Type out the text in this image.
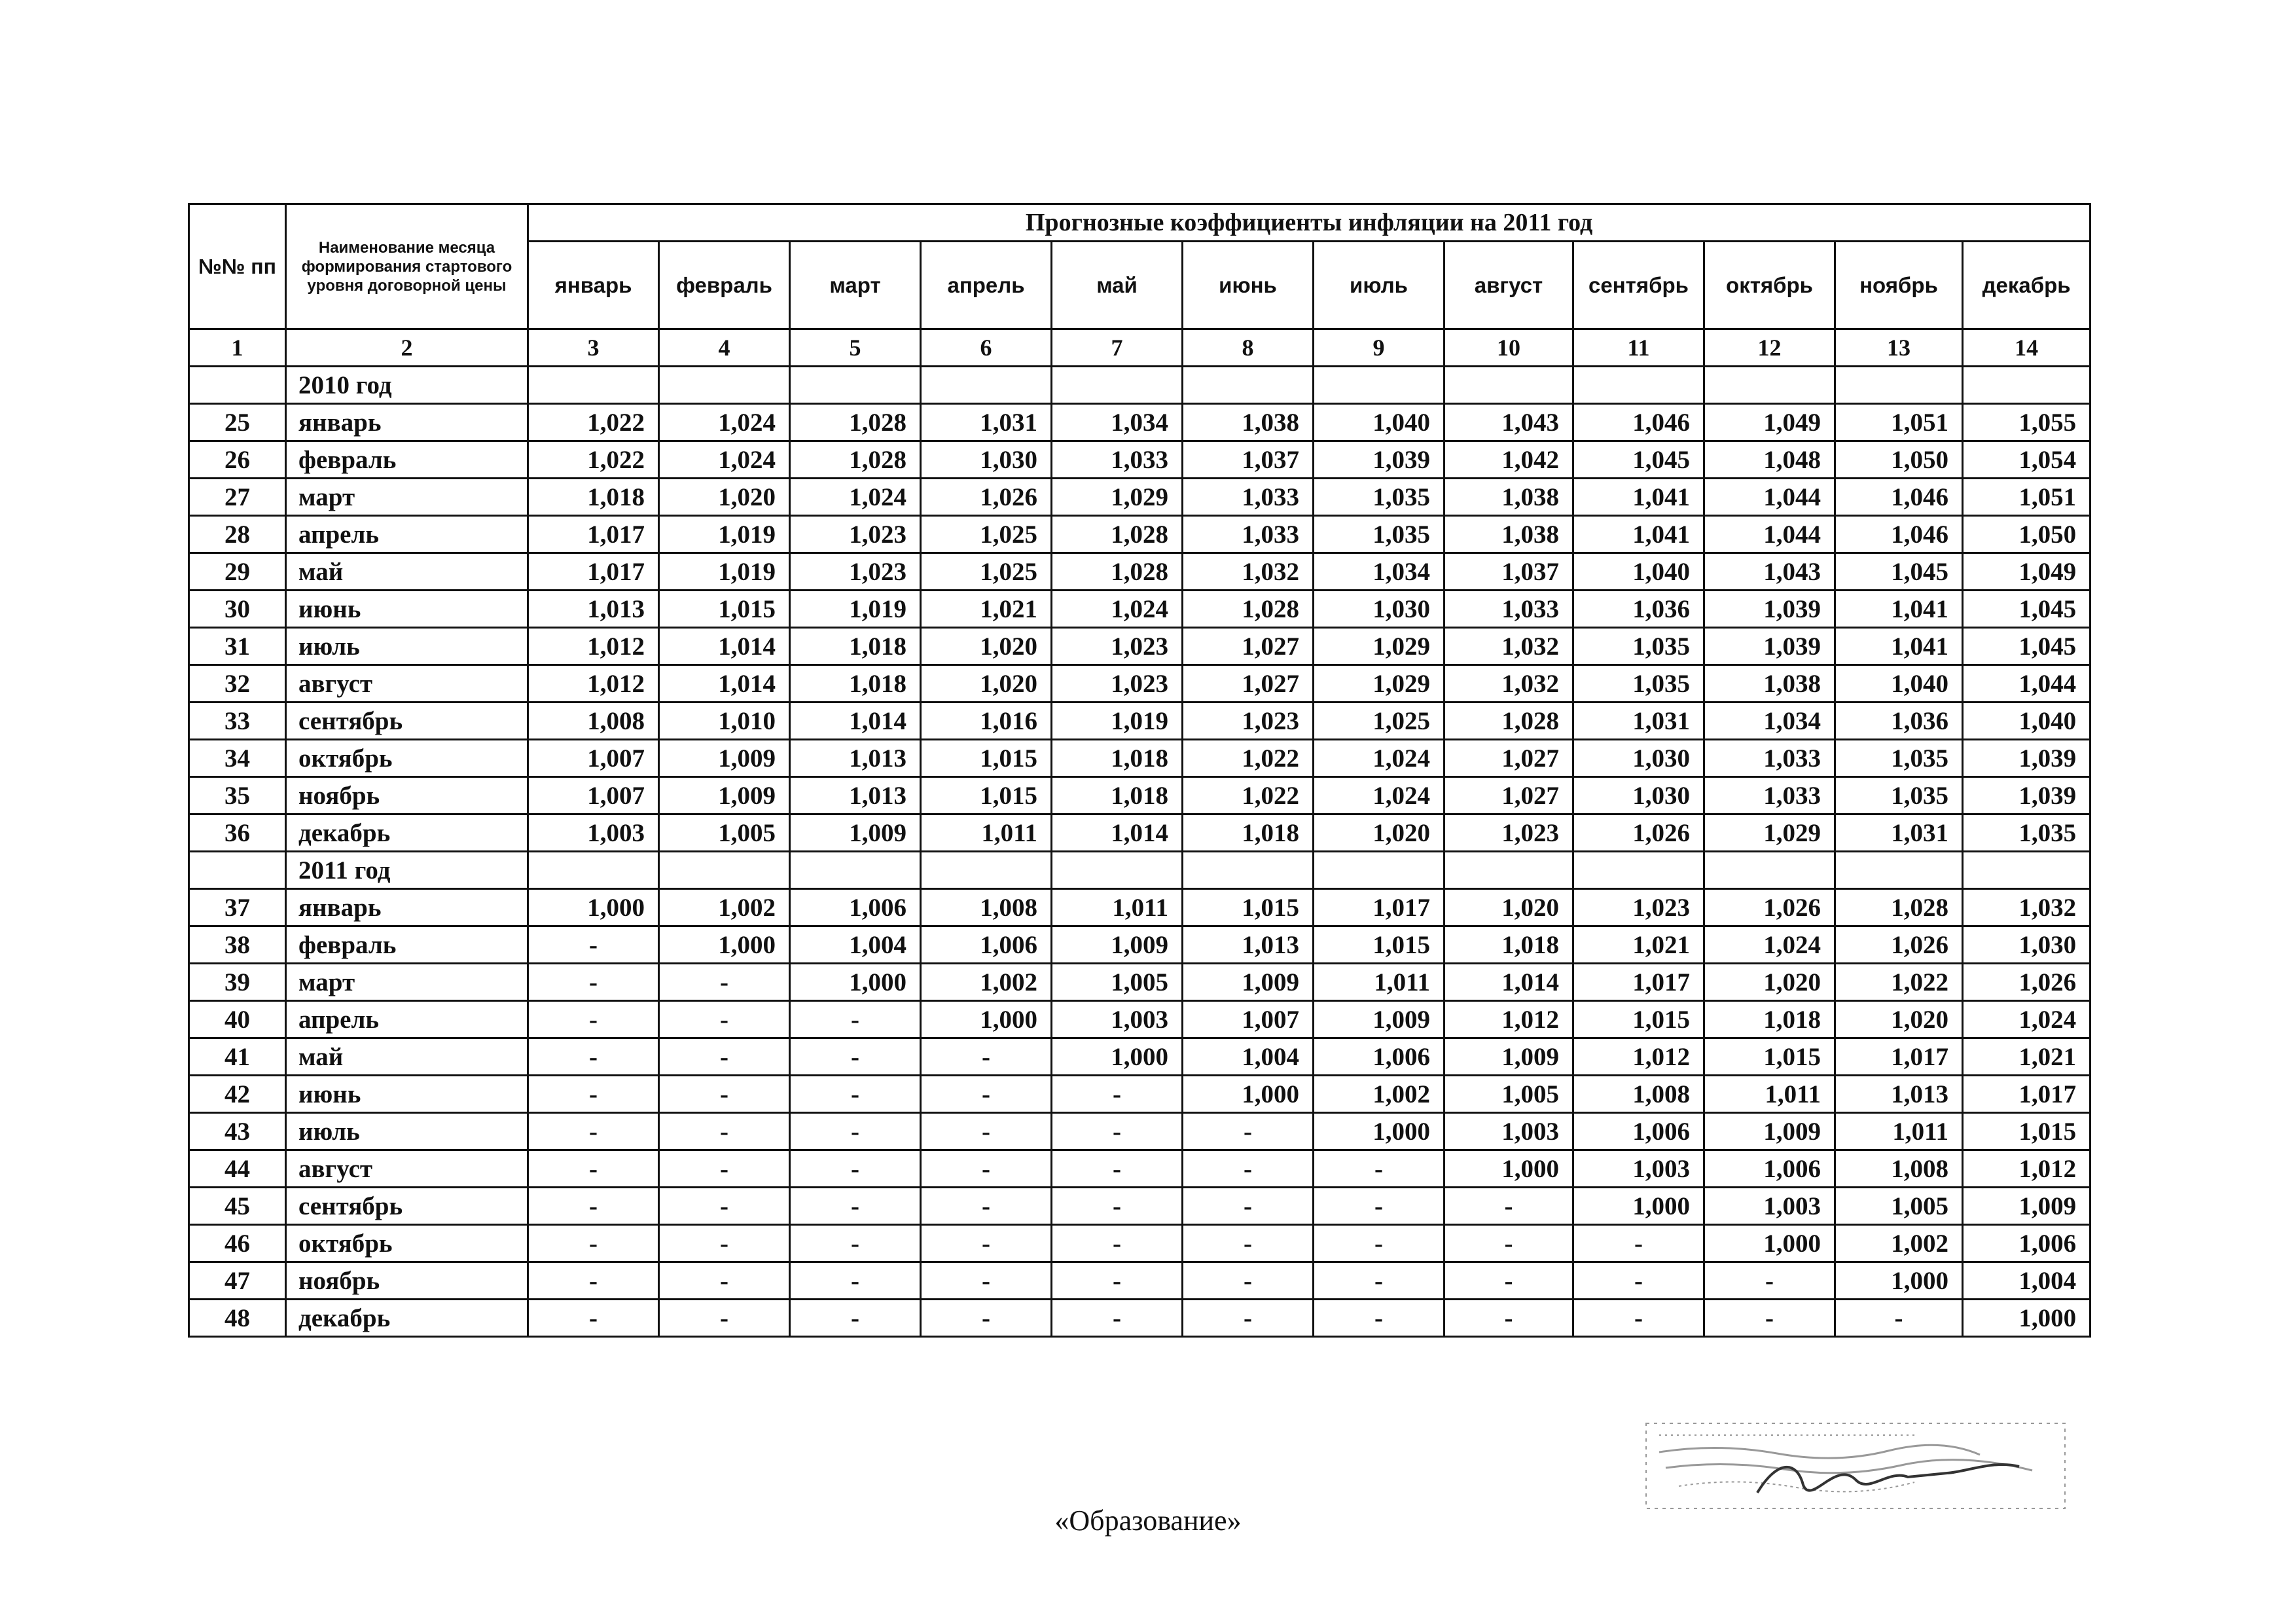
№№ пп	Наименование месяца формирования стартового уровня договорной цены	Прогнозные коэффициенты инфляции на 2011 год											
		январь	февраль	март	апрель	май	июнь	июль	август	сентябрь	октябрь	ноябрь	декабрь
1	2	3	4	5	6	7	8	9	10	11	12	13	14
	2010 год												
25	январь	1,022	1,024	1,028	1,031	1,034	1,038	1,040	1,043	1,046	1,049	1,051	1,055
26	февраль	1,022	1,024	1,028	1,030	1,033	1,037	1,039	1,042	1,045	1,048	1,050	1,054
27	март	1,018	1,020	1,024	1,026	1,029	1,033	1,035	1,038	1,041	1,044	1,046	1,051
28	апрель	1,017	1,019	1,023	1,025	1,028	1,033	1,035	1,038	1,041	1,044	1,046	1,050
29	май	1,017	1,019	1,023	1,025	1,028	1,032	1,034	1,037	1,040	1,043	1,045	1,049
30	июнь	1,013	1,015	1,019	1,021	1,024	1,028	1,030	1,033	1,036	1,039	1,041	1,045
31	июль	1,012	1,014	1,018	1,020	1,023	1,027	1,029	1,032	1,035	1,039	1,041	1,045
32	август	1,012	1,014	1,018	1,020	1,023	1,027	1,029	1,032	1,035	1,038	1,040	1,044
33	сентябрь	1,008	1,010	1,014	1,016	1,019	1,023	1,025	1,028	1,031	1,034	1,036	1,040
34	октябрь	1,007	1,009	1,013	1,015	1,018	1,022	1,024	1,027	1,030	1,033	1,035	1,039
35	ноябрь	1,007	1,009	1,013	1,015	1,018	1,022	1,024	1,027	1,030	1,033	1,035	1,039
36	декабрь	1,003	1,005	1,009	1,011	1,014	1,018	1,020	1,023	1,026	1,029	1,031	1,035
	2011 год												
37	январь	1,000	1,002	1,006	1,008	1,011	1,015	1,017	1,020	1,023	1,026	1,028	1,032
38	февраль	-	1,000	1,004	1,006	1,009	1,013	1,015	1,018	1,021	1,024	1,026	1,030
39	март	-	-	1,000	1,002	1,005	1,009	1,011	1,014	1,017	1,020	1,022	1,026
40	апрель	-	-	-	1,000	1,003	1,007	1,009	1,012	1,015	1,018	1,020	1,024
41	май	-	-	-	-	1,000	1,004	1,006	1,009	1,012	1,015	1,017	1,021
42	июнь	-	-	-	-	-	1,000	1,002	1,005	1,008	1,011	1,013	1,017
43	июль	-	-	-	-	-	-	1,000	1,003	1,006	1,009	1,011	1,015
44	август	-	-	-	-	-	-	-	1,000	1,003	1,006	1,008	1,012
45	сентябрь	-	-	-	-	-	-	-	-	1,000	1,003	1,005	1,009
46	октябрь	-	-	-	-	-	-	-	-	-	1,000	1,002	1,006
47	ноябрь	-	-	-	-	-	-	-	-	-	-	1,000	1,004
48	декабрь	-	-	-	-	-	-	-	-	-	-	-	1,000
«Образование»
